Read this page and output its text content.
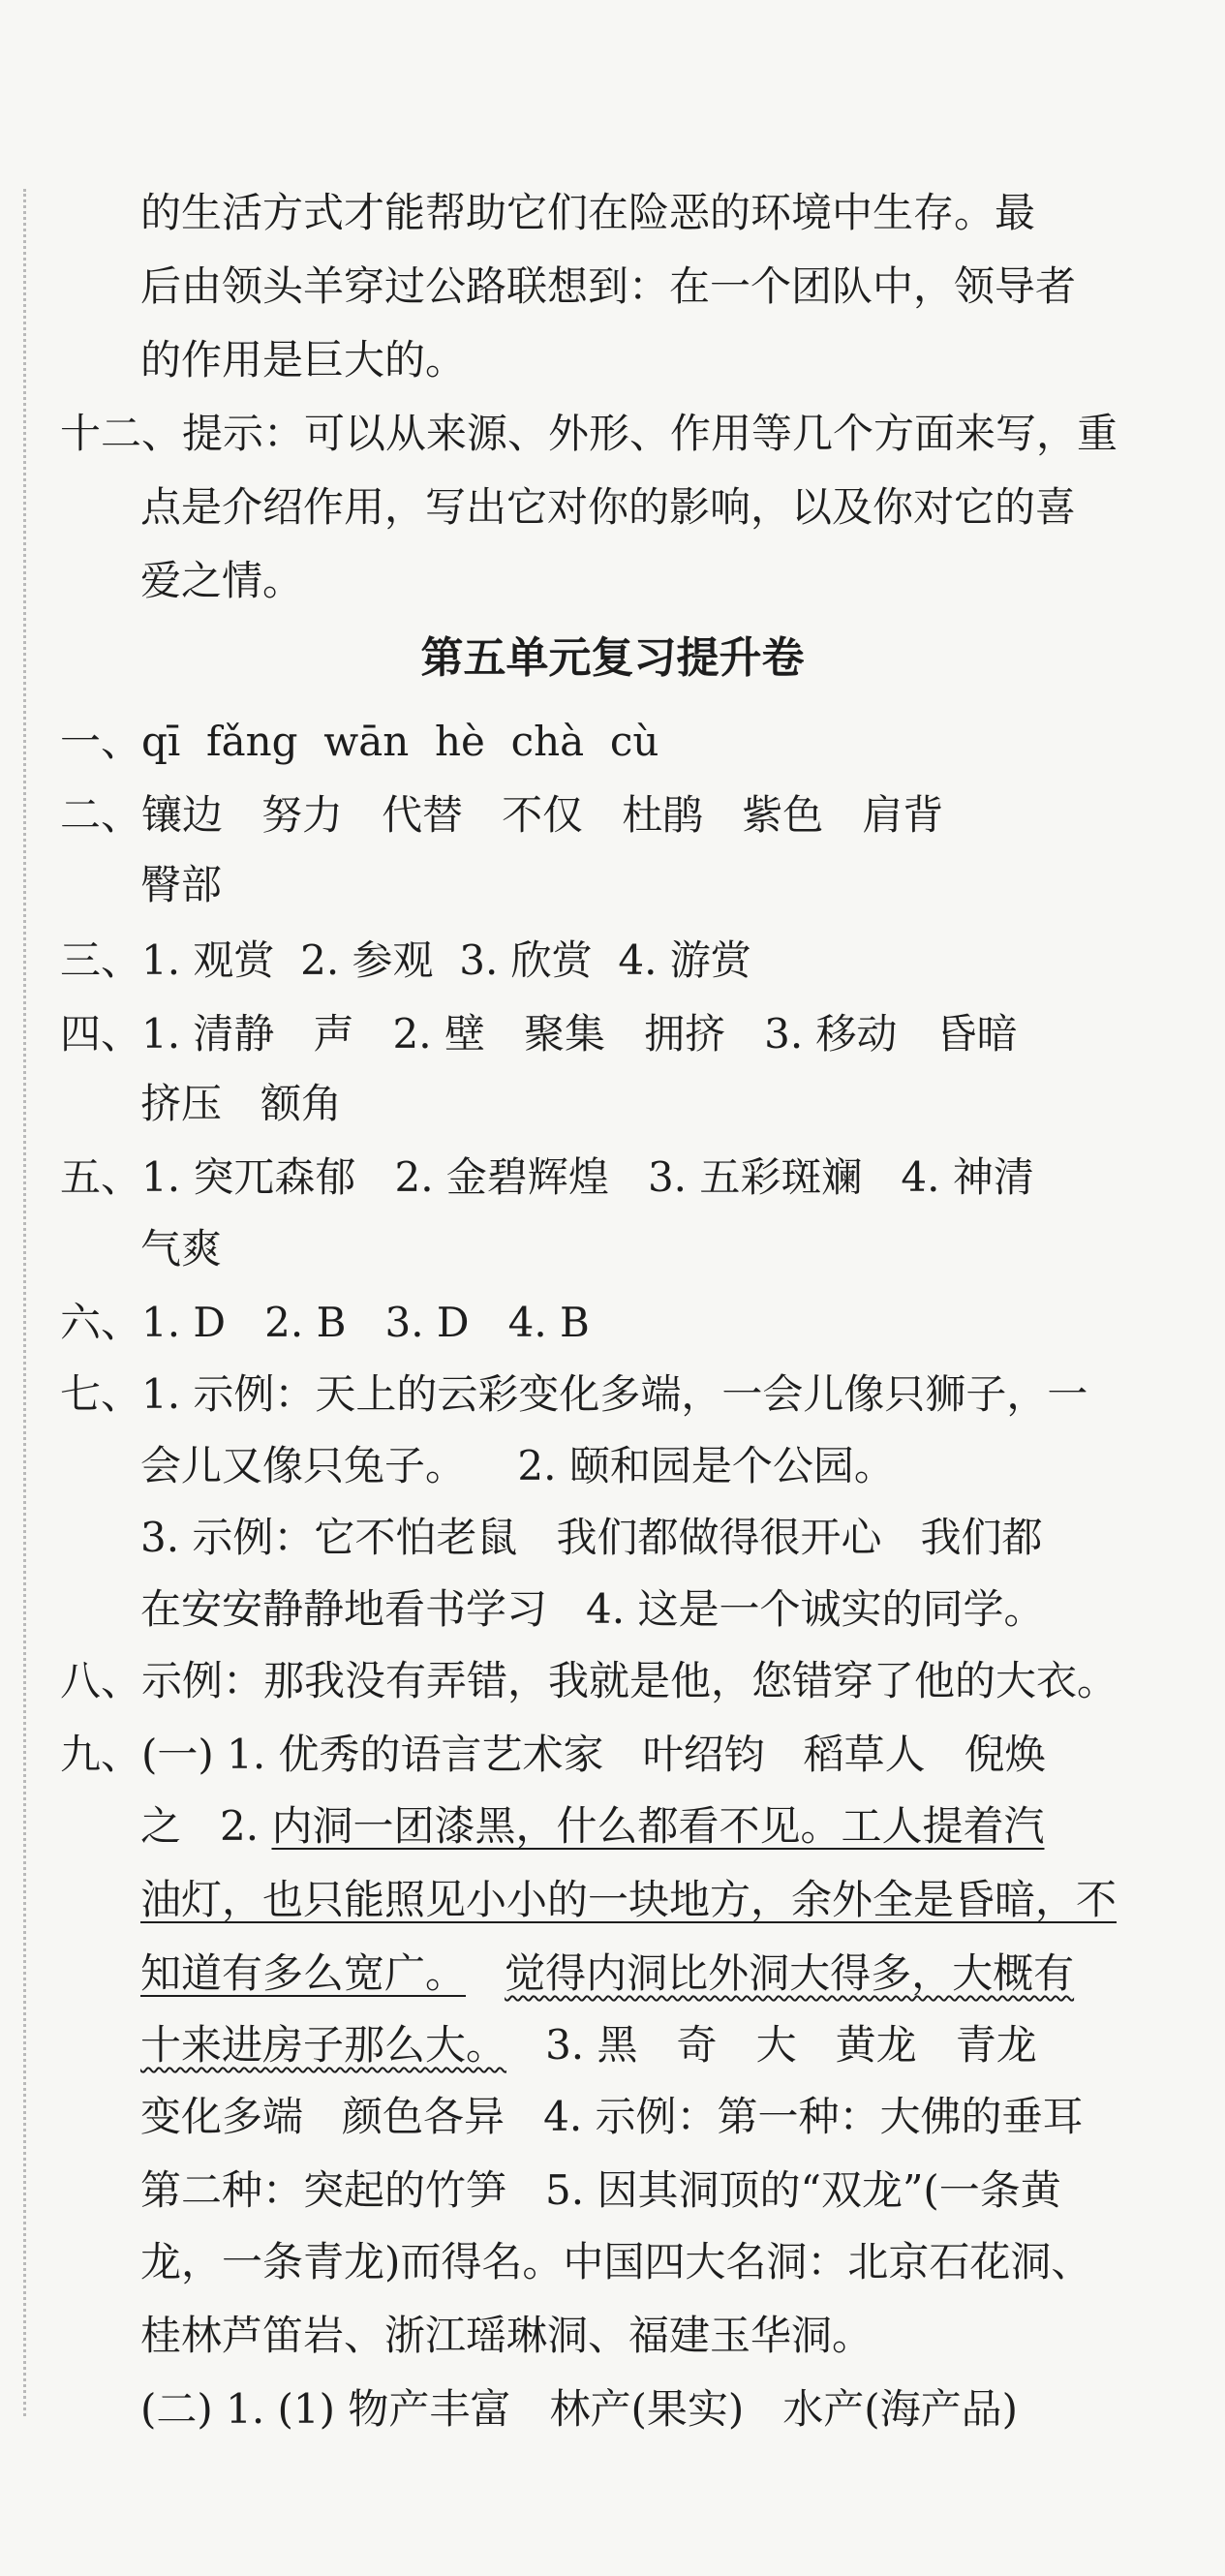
的生活方式才能帮助它们在险恶的环境中生存。最
后由领头羊穿过公路联想到：在一个团队中，领导者
的作用是巨大的。
十二、提示：可以从来源、外形、作用等几个方面来写，重
点是介绍作用，写出它对你的影响，以及你对它的喜
爱之情。
第五单元复习提升卷
一、qī  fǎng  wān  hè  chà  cù
二、镶边   努力   代替   不仅   杜鹃   紫色   肩背
臀部
三、1. 观赏  2. 参观  3. 欣赏  4. 游赏
四、1. 清静   声   2. 壁   聚集   拥挤   3. 移动   昏暗
挤压   额角
五、1. 突兀森郁   2. 金碧辉煌   3. 五彩斑斓   4. 神清
气爽
六、1. D   2. B   3. D   4. B
七、1. 示例：天上的云彩变化多端，一会儿像只狮子，一
会儿又像只兔子。    2. 颐和园是个公园。
3. 示例：它不怕老鼠   我们都做得很开心   我们都
在安安静静地看书学习   4. 这是一个诚实的同学。
八、示例：那我没有弄错，我就是他，您错穿了他的大衣。
九、(一) 1. 优秀的语言艺术家   叶绍钧   稻草人   倪焕
之   2. 内洞一团漆黑，什么都看不见。工人提着汽
油灯，也只能照见小小的一块地方，余外全是昏暗，不
知道有多么宽广。 觉得内洞比外洞大得多，大概有
十来进房子那么大。   3. 黑   奇   大   黄龙   青龙
变化多端   颜色各异   4. 示例：第一种：大佛的垂耳
第二种：突起的竹笋   5. 因其洞顶的“双龙”(一条黄
龙，一条青龙)而得名。中国四大名洞：北京石花洞、
桂林芦笛岩、浙江瑶琳洞、福建玉华洞。
(二) 1. (1) 物产丰富   林产(果实)   水产(海产品)
